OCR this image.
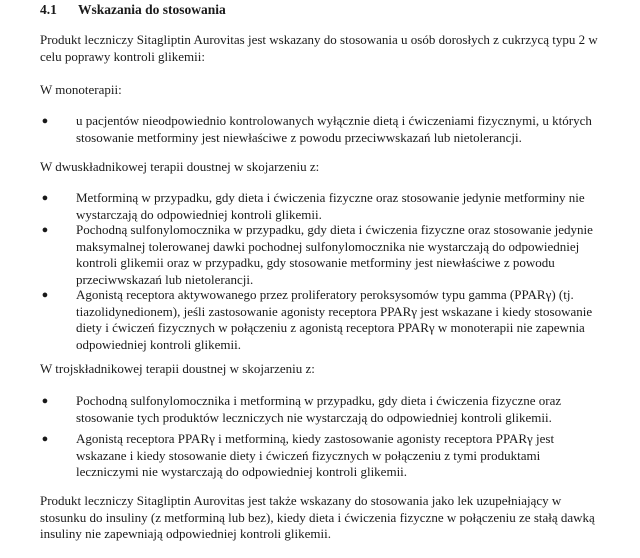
4.1 Wskazania do stosowania

Produkt leczniczy Sitagliptin Aurovitas jest wskazany do stosowania u osób dorosłych z cukrzycą typu 2 w celu poprawy kontroli glikemii:

W monoterapii:

● u pacjentów nieodpowiednio kontrolowanych wyłącznie dietą i ćwiczeniami fizycznymi, u których stosowanie metforminy jest niewłaściwe z powodu przeciwwskazań lub nietolerancji.

W dwuskładnikowej terapii doustnej w skojarzeniu z:

● Metforminą w przypadku, gdy dieta i ćwiczenia fizyczne oraz stosowanie jedynie metforminy nie wystarczają do odpowiedniej kontroli glikemii.

● Pochodną sulfonylomocznika w przypadku, gdy dieta i ćwiczenia fizyczne oraz stosowanie jedynie maksymalnej tolerowanej dawki pochodnej sulfonylomocznika nie wystarczają do odpowiedniej kontroli glikemii oraz w przypadku, gdy stosowanie metforminy jest niewłaściwe z powodu przeciwwskazań lub nietolerancji.

● Agonistą receptora aktywowanego przez proliferatory peroksysomów typu gamma (PPARγ) (tj. tiazolidynedionem), jeśli zastosowanie agonisty receptora PPARγ jest wskazane i kiedy stosowanie diety i ćwiczeń fizycznych w połączeniu z agonistą receptora PPARγ w monoterapii nie zapewnia odpowiedniej kontroli glikemii.

W trojskładnikowej terapii doustnej w skojarzeniu z:

● Pochodną sulfonylomocznika i metforminą w przypadku, gdy dieta i ćwiczenia fizyczne oraz stosowanie tych produktów leczniczych nie wystarczają do odpowiedniej kontroli glikemii.

● Agonistą receptora PPARγ i metforminą, kiedy zastosowanie agonisty receptora PPARγ jest wskazane i kiedy stosowanie diety i ćwiczeń fizycznych w połączeniu z tymi produktami leczniczymi nie wystarczają do odpowiedniej kontroli glikemii.

Produkt leczniczy Sitagliptin Aurovitas jest także wskazany do stosowania jako lek uzupełniający w stosunku do insuliny (z metforminą lub bez), kiedy dieta i ćwiczenia fizyczne w połączeniu ze stałą dawką insuliny nie zapewniają odpowiedniej kontroli glikemii.
